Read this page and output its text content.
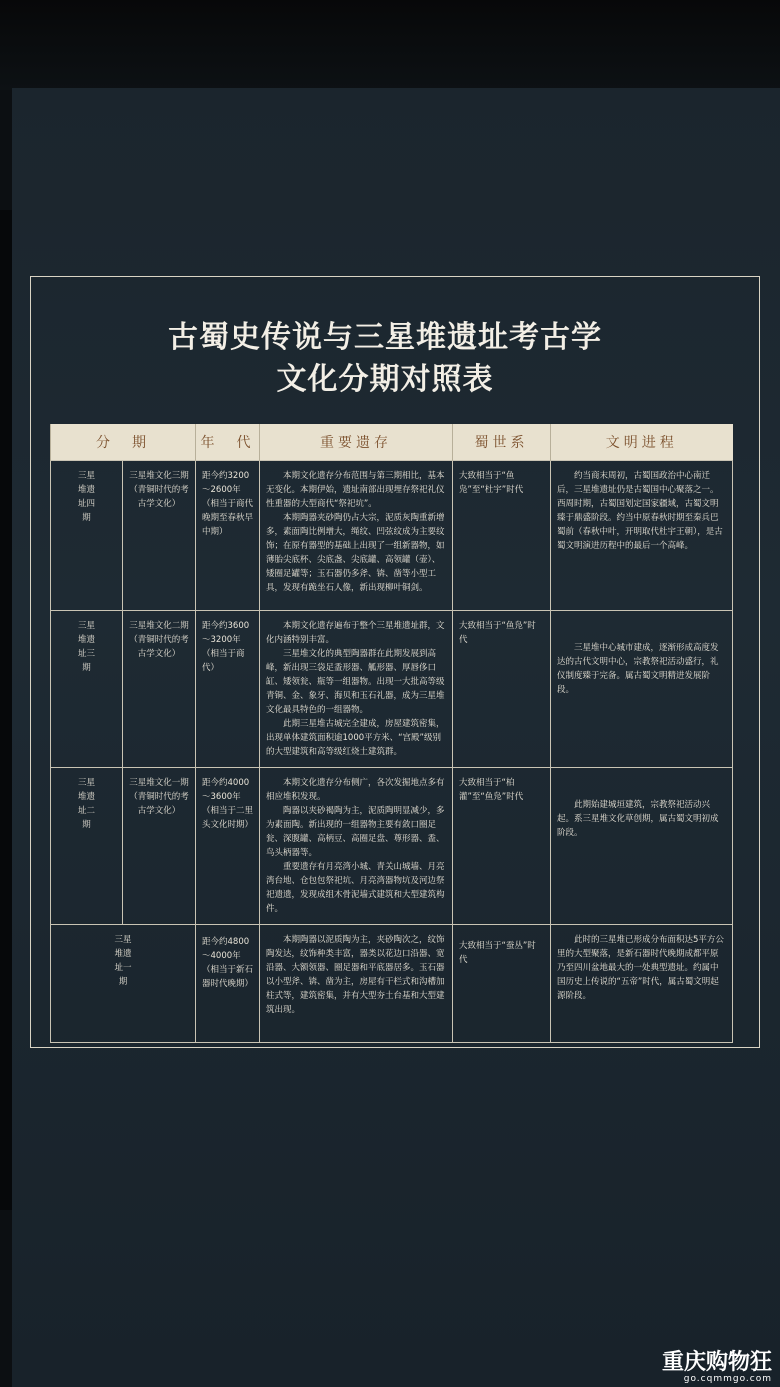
古蜀史传说与三星堆遗址考古学
文化分期对照表
分　期		年　代	重要遗存	蜀世系	文明进程

三星堆遗址四期	三星堆文化三期（青铜时代的考古学文化）	距今约3200～2600年（相当于商代晚期至春秋早中期）	本期文化遗存分布范围与第三期相比，基本无变化。本期伊始，遗址南部出现埋存祭祀礼仪性重器的大型商代“祭祀坑”。

本期陶器夹砂陶仍占大宗，泥质灰陶重新增多，素面陶比例增大，绳纹、凹弦纹成为主要纹饰；在原有器型的基础上出现了一组新器物，如薄胎尖底杯、尖底盏、尖底罐、高领罐（壶）、矮圈足罐等；玉石器仍多斧、锛、凿等小型工具，发现有跪坐石人像，新出现柳叶铜剑。	大致相当于“鱼凫”至“杜宇”时代	约当商末周初，古蜀国政治中心南迁后，三星堆遗址仍是古蜀国中心聚落之一。西周时期，古蜀国划定国家疆域，古蜀文明臻于鼎盛阶段。约当中原春秋时期至秦兵巴蜀前（春秋中叶，开明取代杜宇王朝），是古蜀文明演进历程中的最后一个高峰。

三星堆遗址三期	三星堆文化二期（青铜时代的考古学文化）	距今约3600～3200年（相当于商代）	本期文化遗存遍布于整个三星堆遗址群，文化内涵特别丰富。

三星堆文化的典型陶器群在此期发展到高峰，新出现三袋足盉形器、觚形器、厚唇侈口缸、矮领瓮、瓶等一组器物。出现一大批高等级青铜、金、象牙、海贝和玉石礼器，成为三星堆文化最具特色的一组器物。

此期三星堆古城完全建成，房屋建筑密集，出现单体建筑面积逾1000平方米、“宫殿”级别的大型建筑和高等级红烧土建筑群。	大致相当于“鱼凫”时代	三星堆中心城市建成，逐渐形成高度发达的古代文明中心，宗教祭祀活动盛行，礼仪制度臻于完备。属古蜀文明精进发展阶段。

三星堆遗址二期	三星堆文化一期（青铜时代的考古学文化）	距今约4000～3600年（相当于二里头文化时期）	本期文化遗存分布侧广，各次发掘地点多有相应堆积发现。

陶器以夹砂褐陶为主，泥质陶明显减少，多为素面陶。新出现的一组器物主要有敛口圈足瓮、深腹罐、高柄豆、高圈足盘、尊形器、盉、鸟头柄器等。

重要遗存有月亮湾小城、青关山城墙、月亮湾台地、仓包包祭祀坑、月亮湾器物坑及河边祭祀遗遗，发现成组木骨泥墙式建筑和大型建筑构件。	大致相当于“柏灌”至“鱼凫”时代	此期始建城垣建筑，宗教祭祀活动兴起。系三星堆文化草创期，属古蜀文明初成阶段。

三星堆遗址一期		距今约4800～4000年（相当于新石器时代晚期）	本期陶器以泥质陶为主，夹砂陶次之，纹饰陶发达，纹饰种类丰富，器类以花边口沿器、宽沿器、大额领器、圈足器和平底器居多。玉石器以小型斧、锛、凿为主，房屋有干栏式和沟槽加柱式等，建筑密集，并有大型夯土台基和大型建筑出现。	大致相当于“蚕丛”时代	此时的三星堆已形成分布面积达5平方公里的大型聚落，是新石器时代晚期成都平原乃至四川盆地最大的一处典型遗址。约属中国历史上传说的“五帝”时代，属古蜀文明起源阶段。
重庆购物狂
go.cqmmgo.com
